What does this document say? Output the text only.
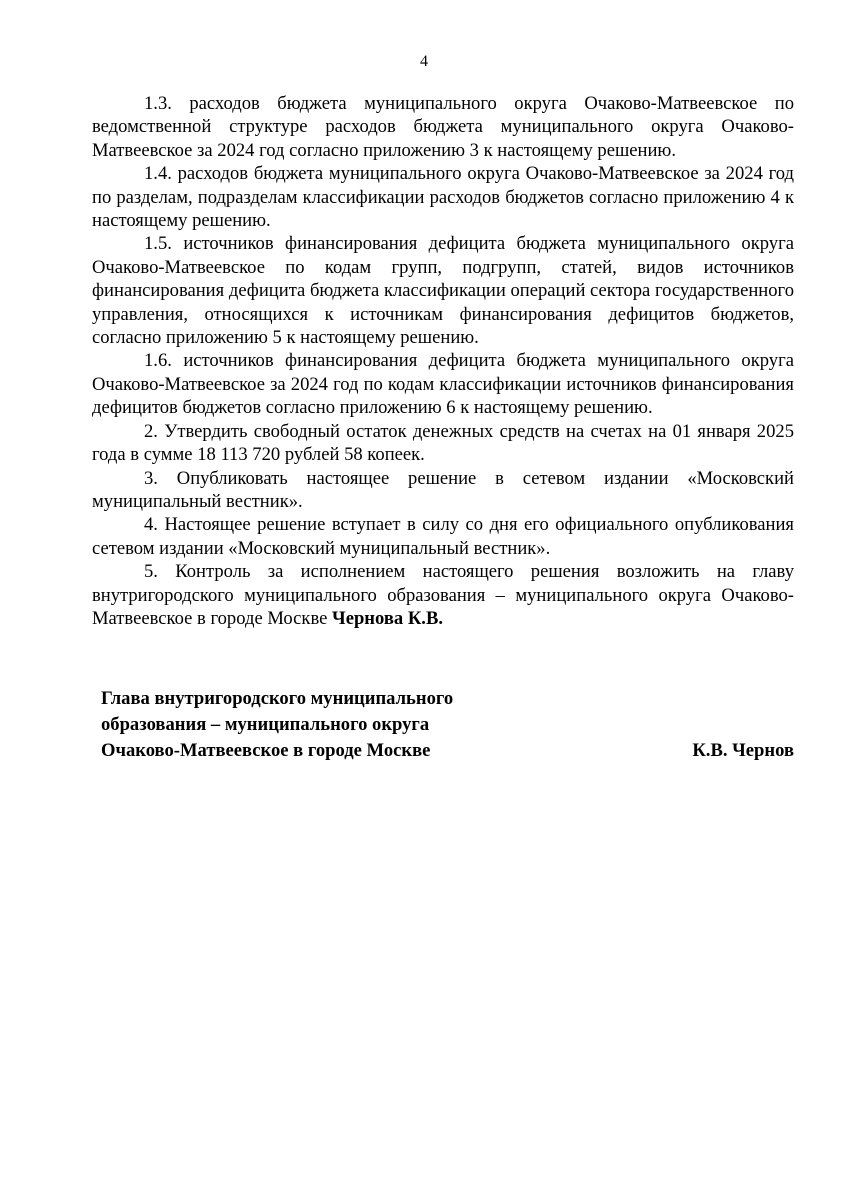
4

1.3. расходов бюджета муниципального округа Очаково-Матвеевское по ведомственной структуре расходов бюджета муниципального округа Очаково-Матвеевское за 2024 год согласно приложению 3 к настоящему решению.

1.4. расходов бюджета муниципального округа Очаково-Матвеевское за 2024 год по разделам, подразделам классификации расходов бюджетов согласно приложению 4 к настоящему решению.

1.5. источников финансирования дефицита бюджета муниципального округа Очаково-Матвеевское по кодам групп, подгрупп, статей, видов источников финансирования дефицита бюджета классификации операций сектора государственного управления, относящихся к источникам финансирования дефицитов бюджетов, согласно приложению 5 к настоящему решению.

1.6. источников финансирования дефицита бюджета муниципального округа Очаково-Матвеевское за 2024 год по кодам классификации источников финансирования дефицитов бюджетов согласно приложению 6 к настоящему решению.

2. Утвердить свободный остаток денежных средств на счетах на 01 января 2025 года в сумме 18 113 720 рублей 58 копеек.

3. Опубликовать настоящее решение в сетевом издании «Московский муниципальный вестник».

4. Настоящее решение вступает в силу со дня его официального опубликования сетевом издании «Московский муниципальный вестник».

5. Контроль за исполнением настоящего решения возложить на главу внутригородского муниципального образования – муниципального округа Очаково-Матвеевское в городе Москве Чернова К.В.

Глава внутригородского муниципального
образования – муниципального округа
Очаково-Матвеевское в городе Москве	К.В. Чернов
